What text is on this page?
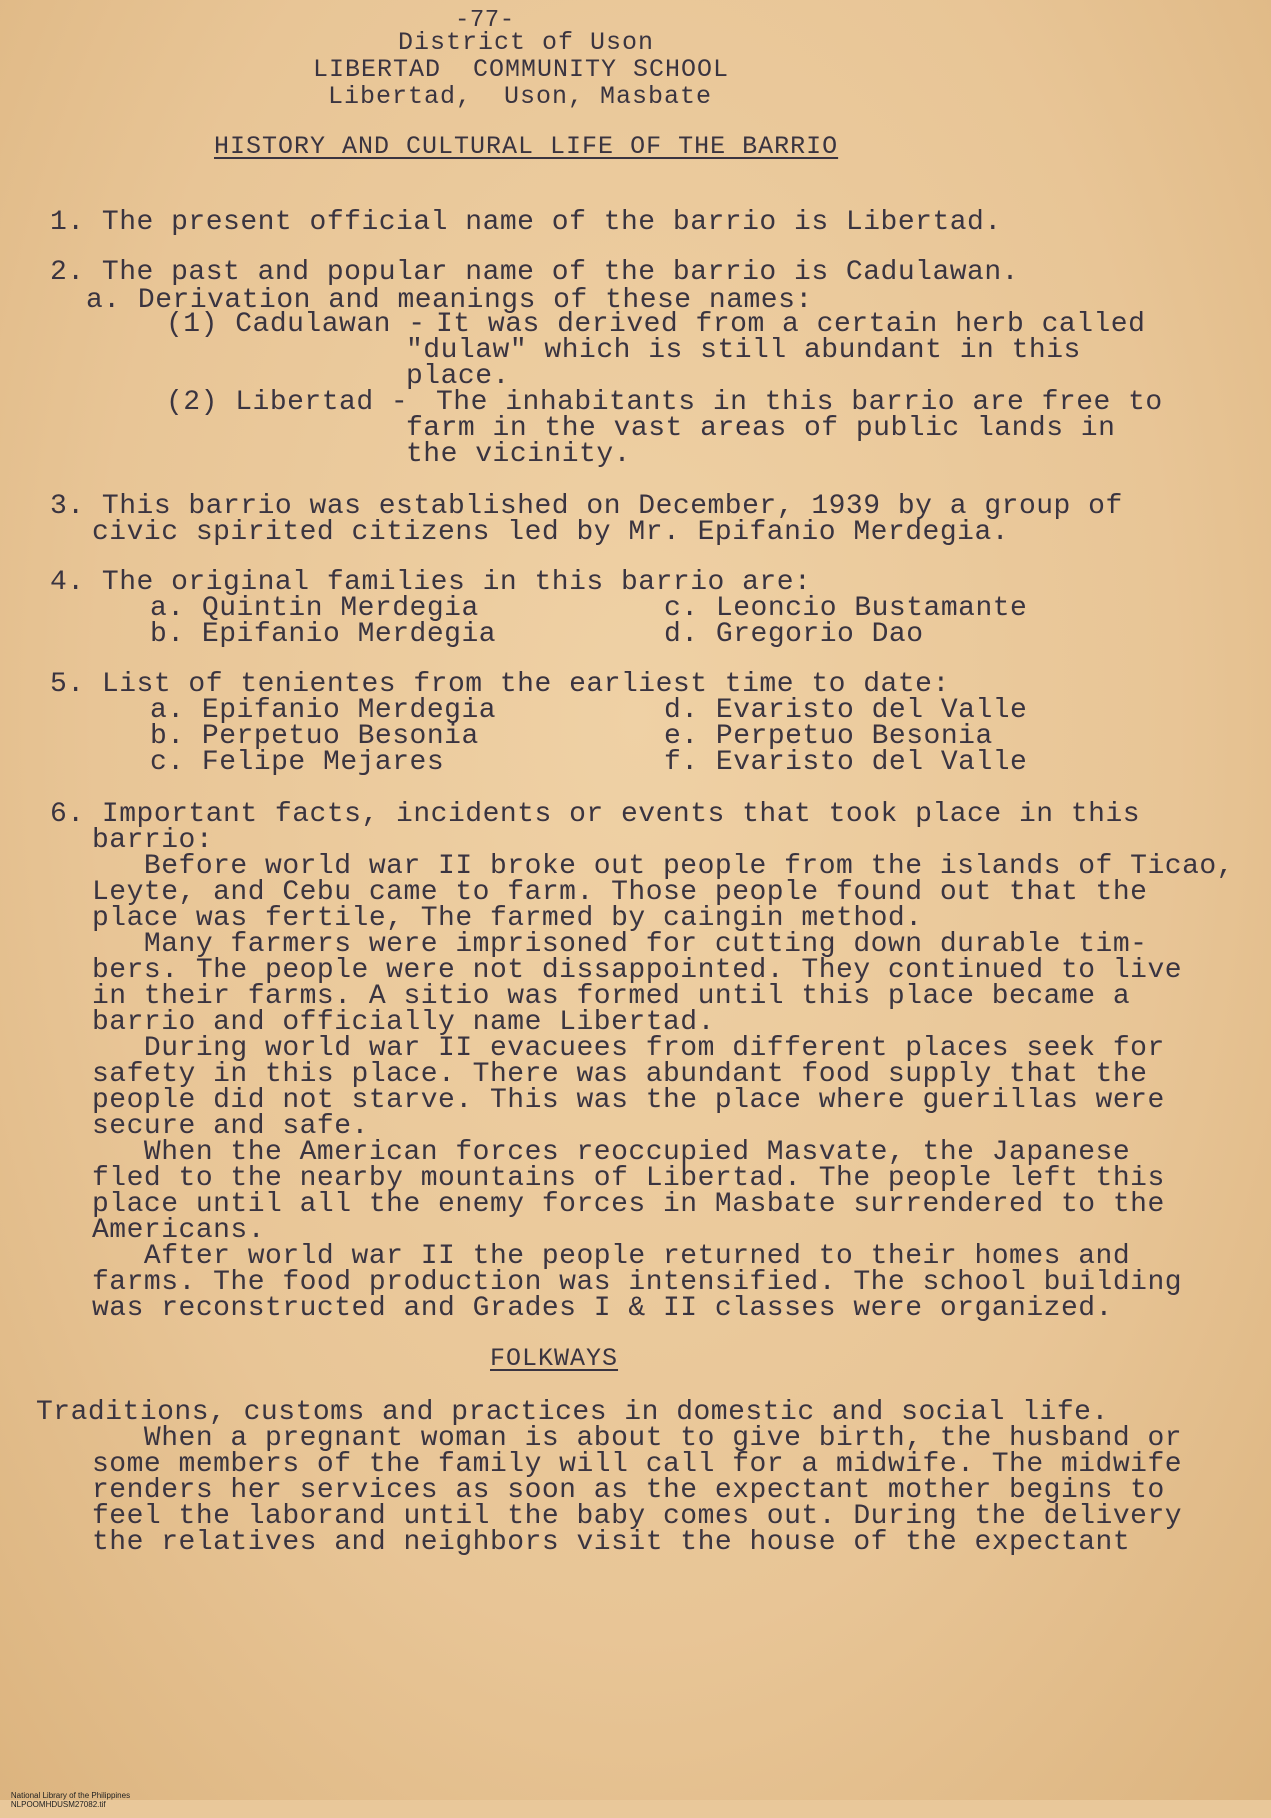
-77-
District of Uson
LIBERTAD  COMMUNITY SCHOOL
Libertad,  Uson, Masbate
HISTORY AND CULTURAL LIFE OF THE BARRIO
1. The present official name of the barrio is Libertad.
2. The past and popular name of the barrio is Cadulawan.
a. Derivation and meanings of these names:
(1) Cadulawan - It was derived from a certain herb called
"dulaw" which is still abundant in this
place.
(2) Libertad - The inhabitants in this barrio are free to
farm in the vast areas of public lands in
the vicinity.
3. This barrio was established on December, 1939 by a group of
civic spirited citizens led by Mr. Epifanio Merdegia.
4. The original families in this barrio are:
a. Quintin Merdegia
b. Epifanio Merdegia
c. Leoncio Bustamante
d. Gregorio Dao
5. List of tenientes from the earliest time to date:
a. Epifanio Merdegia
b. Perpetuo Besonia
c. Felipe Mejares
d. Evaristo del Valle
e. Perpetuo Besonia
f. Evaristo del Valle
6. Important facts, incidents or events that took place in this
barrio:
Before world war II broke out people from the islands of Ticao,
Leyte, and Cebu came to farm. Those people found out that the
place was fertile, The farmed by caingin method.
Many farmers were imprisoned for cutting down durable tim-
bers. The people were not dissappointed. They continued to live
in their farms. A sitio was formed until this place became a
barrio and officially name Libertad.
During world war II evacuees from different places seek for
safety in this place. There was abundant food supply that the
people did not starve. This was the place where guerillas were
secure and safe.
When the American forces reoccupied Masvate, the Japanese
fled to the nearby mountains of Libertad. The people left this
place until all the enemy forces in Masbate surrendered to the
Americans.
After world war II the people returned to their homes and
farms. The food production was intensified. The school building
was reconstructed and Grades I & II classes were organized.
FOLKWAYS
Traditions, customs and practices in domestic and social life.
When a pregnant woman is about to give birth, the husband or
some members of the family will call for a midwife. The midwife
renders her services as soon as the expectant mother begins to
feel the laborand until the baby comes out. During the delivery
the relatives and neighbors visit the house of the expectant

National Library of the Philippines
NLPOOMHDUSM27082.tif
